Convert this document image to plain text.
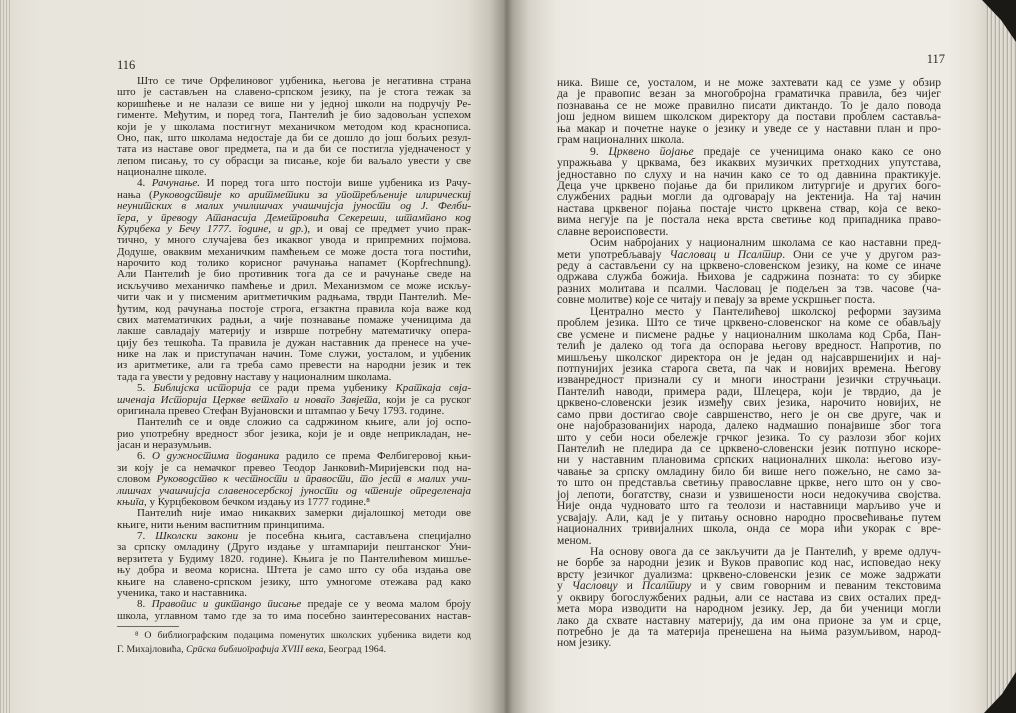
116
Што се тиче Орфелиновог уџбеника, његова је негативна страна
што је састављен на славено-српском језику, па је стога тежак за
коришћење и не налази се више ни у једној школи на подручју Ре-
гименте. Међутим, и поред тога, Пантелић је био задовољан успехом
који је у школама постигнут механичком методом код краснописа.
Оно, пак, што школама недостаје да би се дошло до још бољих резул-
тата из наставе овог предмета, па и да би се постигла уједначеност у
лепом писању, то су обрасци за писање, које би ваљало увести у све
националне школе.
4. Рачунање. И поред тога што постоји више уџбеника из Рачу-
нања (Руководствије ко аритметики за употребљеније илирическиј
неунитских в малих училишчах учашчијсја јуности од Ј. Фелби-
гера, у преводу Атанасија Деметровића Секереши, штампано код
Курцбека у Бечу 1777. године, и др.), и овај се предмет учио прак-
тично, у много случајева без икаквог увода и припремних појмова.
Додуше, оваквим механичким памћењем се може доста тога постићи,
нарочито код толико корисног рачунања напамет (Kopfrechnung).
Али Пантелић је био противник тога да се и рачунање сведе на
искључиво механичко памћење и дрил. Механизмом се може искљу-
чити чак и у писменим аритметичким радњама, тврди Пантелић. Ме-
ђутим, код рачунања постоје строга, егзактна правила која важе код
свих математичких радњи, а чије познавање помаже ученицима да
лакше савладају материју и изврше потребну математичку опера-
цију без тешкоћа. Та правила је дужан наставник да пренесе на уче-
нике на лак и приступачан начин. Томе служи, уосталом, и уџбеник
из аритметике, али га треба само превести на народни језик и тек
тада га увести у редовну наставу у националним школама.
5. Библијска историја се ради према уџбенику Краткаја свја-
шченаја Историја Церкве ветхаго и новаго Завјета, који је са руског
оригинала превео Стефан Вујановски и штампао у Бечу 1793. године.
Пантелић се и овде сложио са садржином књиге, али јој оспо-
рио употребну вредност због језика, који је и овде неприкладан, не-
јасан и неразумљив.
6. О дужностима поданика радило се према Фелбигеровој књи-
зи коју је са немачког превео Теодор Јанковић-Миријевски под на-
словом Руководство к честности и правости, то јест в малих учи-
лишчах учашчијсја славеносербској јуности од чтеније определенаја
књига, у Курцбековом бечком издању из 1777 године.⁸
Пантелић није имао никаквих замерки дијалошкој методи ове
књиге, нити њеним васпитним принципима.
7. Школски закони је посебна књига, састављена специјално
за српску омладину (Друго издање у штампарији пештанског Уни-
верзитета у Будиму 1820. године). Књига је по Пантелићевом мишље-
њу добра и веома корисна. Штета је само што су оба издања ове
књиге на славено-српском језику, што умногоме отежава рад како
ученика, тако и наставника.
8. Правопис и диктандо писање предаје се у веома малом броју
школа, углавном тамо где за то има посебно заинтересованих настав-
⁸ О библиографским подацима поменутих школских уџбеника видети код
Г. Михајловића, Српска библиографија XVIII века, Београд 1964.
117
ника. Више се, уосталом, и не може захтевати кад се узме у обзир
да је правопис везан за многобројна граматичка правила, без чијег
познавања се не може правилно писати диктандо. То је дало повода
још једном вишем школском директору да постави проблем саставља-
ња макар и почетне науке о језику и уведе се у наставни план и про-
грам националних школа.
9. Црквено појање предаје се ученицима онако како се оно
упражњава у црквама, без икаквих музичких претходних упутстава,
једноставно по слуху и на начин како се то од давнина практикује.
Деца уче црквено појање да би приликом литургије и других бого-
службених радњи могли да одговарају на јектенија. На тај начин
настава црквеног појања постаје чисто црквена ствар, која се веко-
вима негује па је постала нека врста светиње код припадника право-
славне вероисповести.
Осим набројаних у националним школама се као наставни пред-
мети употребљавају Часловац и Псалтир. Они се уче у другом раз-
реду а састављени су на црквено-словенском језику, на коме се иначе
одржава служба божија. Њихова је садржина позната: то су збирке
разних молитава и псалми. Часловац је подељен за тзв. часове (ча-
совне молитве) које се читају и певају за време ускршњег поста.
Централно место у Пантелићевој школској реформи заузима
проблем језика. Што се тиче црквено-словенског на коме се обављају
све усмене и писмене радње у националним школама код Срба, Пан-
телић је далеко од тога да оспорава његову вредност. Напротив, по
мишљењу школског директора он је један од најсавршенијих и нај-
потпунијих језика старога света, па чак и новијих времена. Његову
изванредност признали су и многи инострани језички стручњаци.
Пантелић наводи, примера ради, Шлецера, који је тврдио, да је
црквено-словенски језик између свих језика, нарочито новијих, не
само први достигао своје савршенство, него је он све друге, чак и
оне најобразованијих народа, далеко надмашио понајвише због тога
што у себи носи обележје грчког језика. То су разлози због којих
Пантелић не пледира да се црквено-словенски језик потпуно искоре-
ни у наставним плановима српских националних школа: његово изу-
чавање за српску омладину било би више него пожељно, не само за-
то што он представља светињу православне цркве, него што он у сво-
јој лепоти, богатству, снази и узвишености носи недокучива својства.
Није онда чудновато што га теолози и наставници марљиво уче и
усвајају. Али, кад је у питању основно народно просвећивање путем
националних тривијалних школа, онда се мора ићи укорак с вре-
меном.
На основу овога да се закључити да је Пантелић, у време одлуч-
не борбе за народни језик и Вуков правопис код нас, исповедао неку
врсту језичког дуализма: црквено-словенски језик се може задржати
у Часловцу и Псалтиру и у свим говорним и певаним текстовима
у оквиру богослужбених радњи, али се настава из свих осталих пред-
мета мора изводити на народном језику. Јер, да би ученици могли
лако да схвате наставну материју, да им она прионе за ум и срце,
потребно је да та материја пренешена на њима разумљивом, народ-
ном језику.
